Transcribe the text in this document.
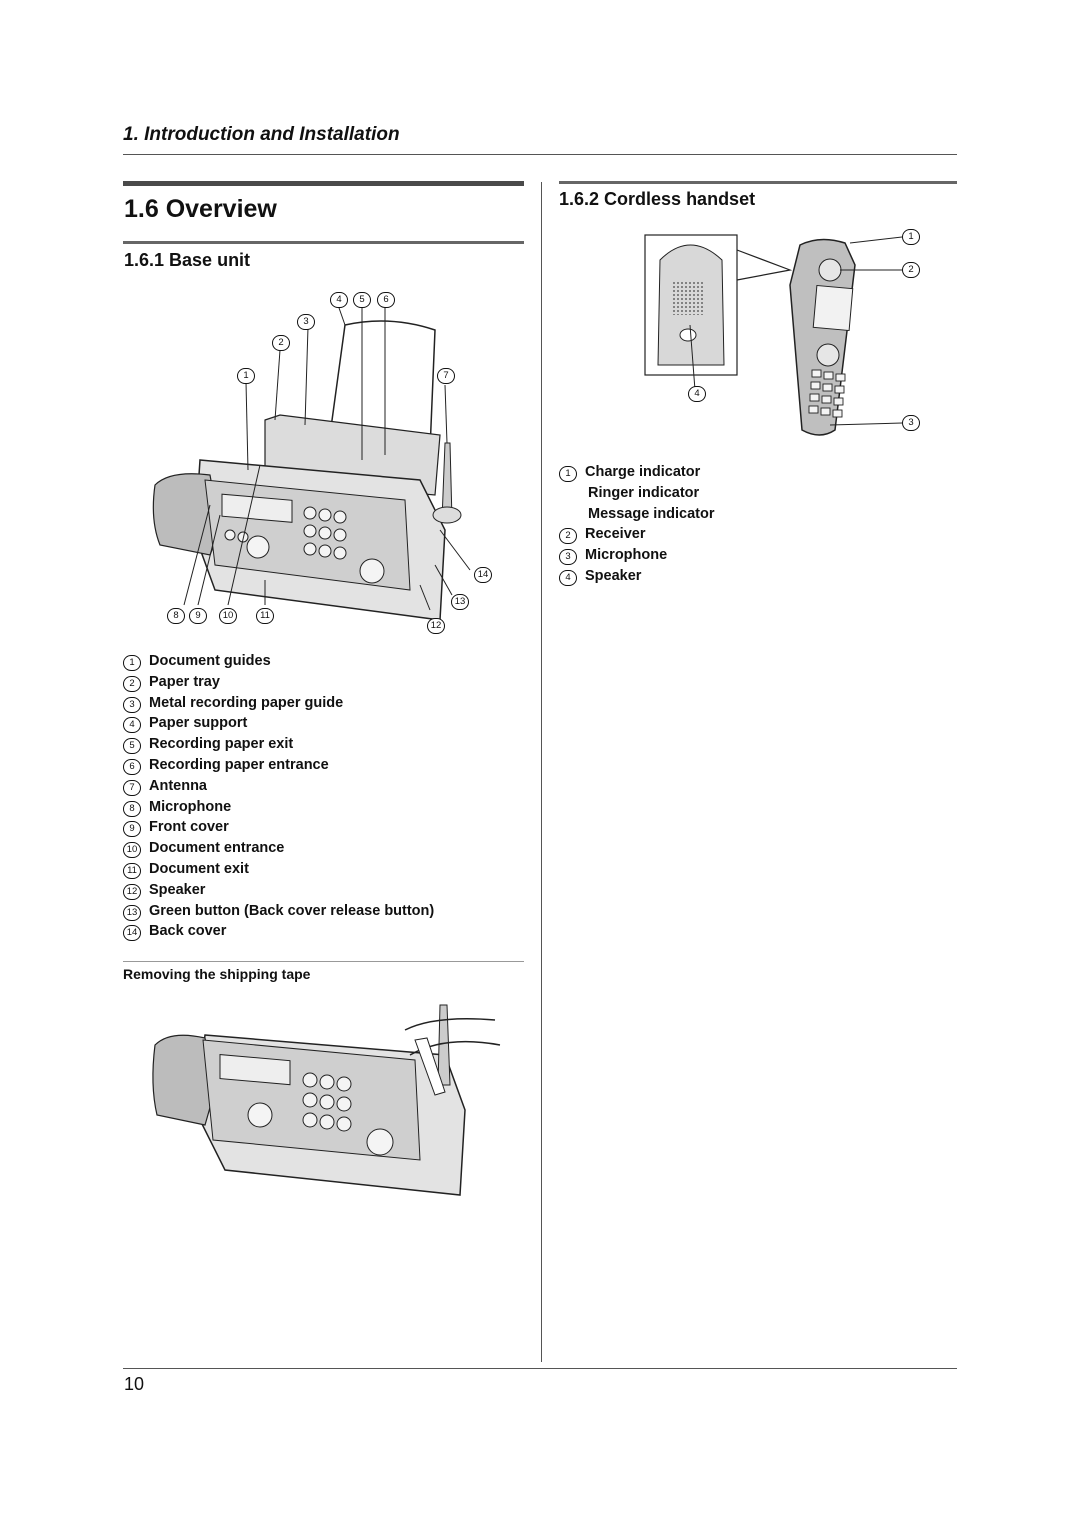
1. Introduction and Installation
1.6 Overview
1.6.1 Base unit
4	5	6
3
2
1	7
14
13
8	9	10	11
12
1 Document guides
2 Paper tray
3 Metal recording paper guide
4 Paper support
5 Recording paper exit
6 Recording paper entrance
7 Antenna
8 Microphone
9 Front cover
10 Document entrance
11 Document exit
12 Speaker
13 Green button (Back cover release button)
14 Back cover
Removing the shipping tape
1.6.2 Cordless handset
1
2
4
3
1 Charge indicator
Ringer indicator
Message indicator
2 Receiver
3 Microphone
4 Speaker
10
